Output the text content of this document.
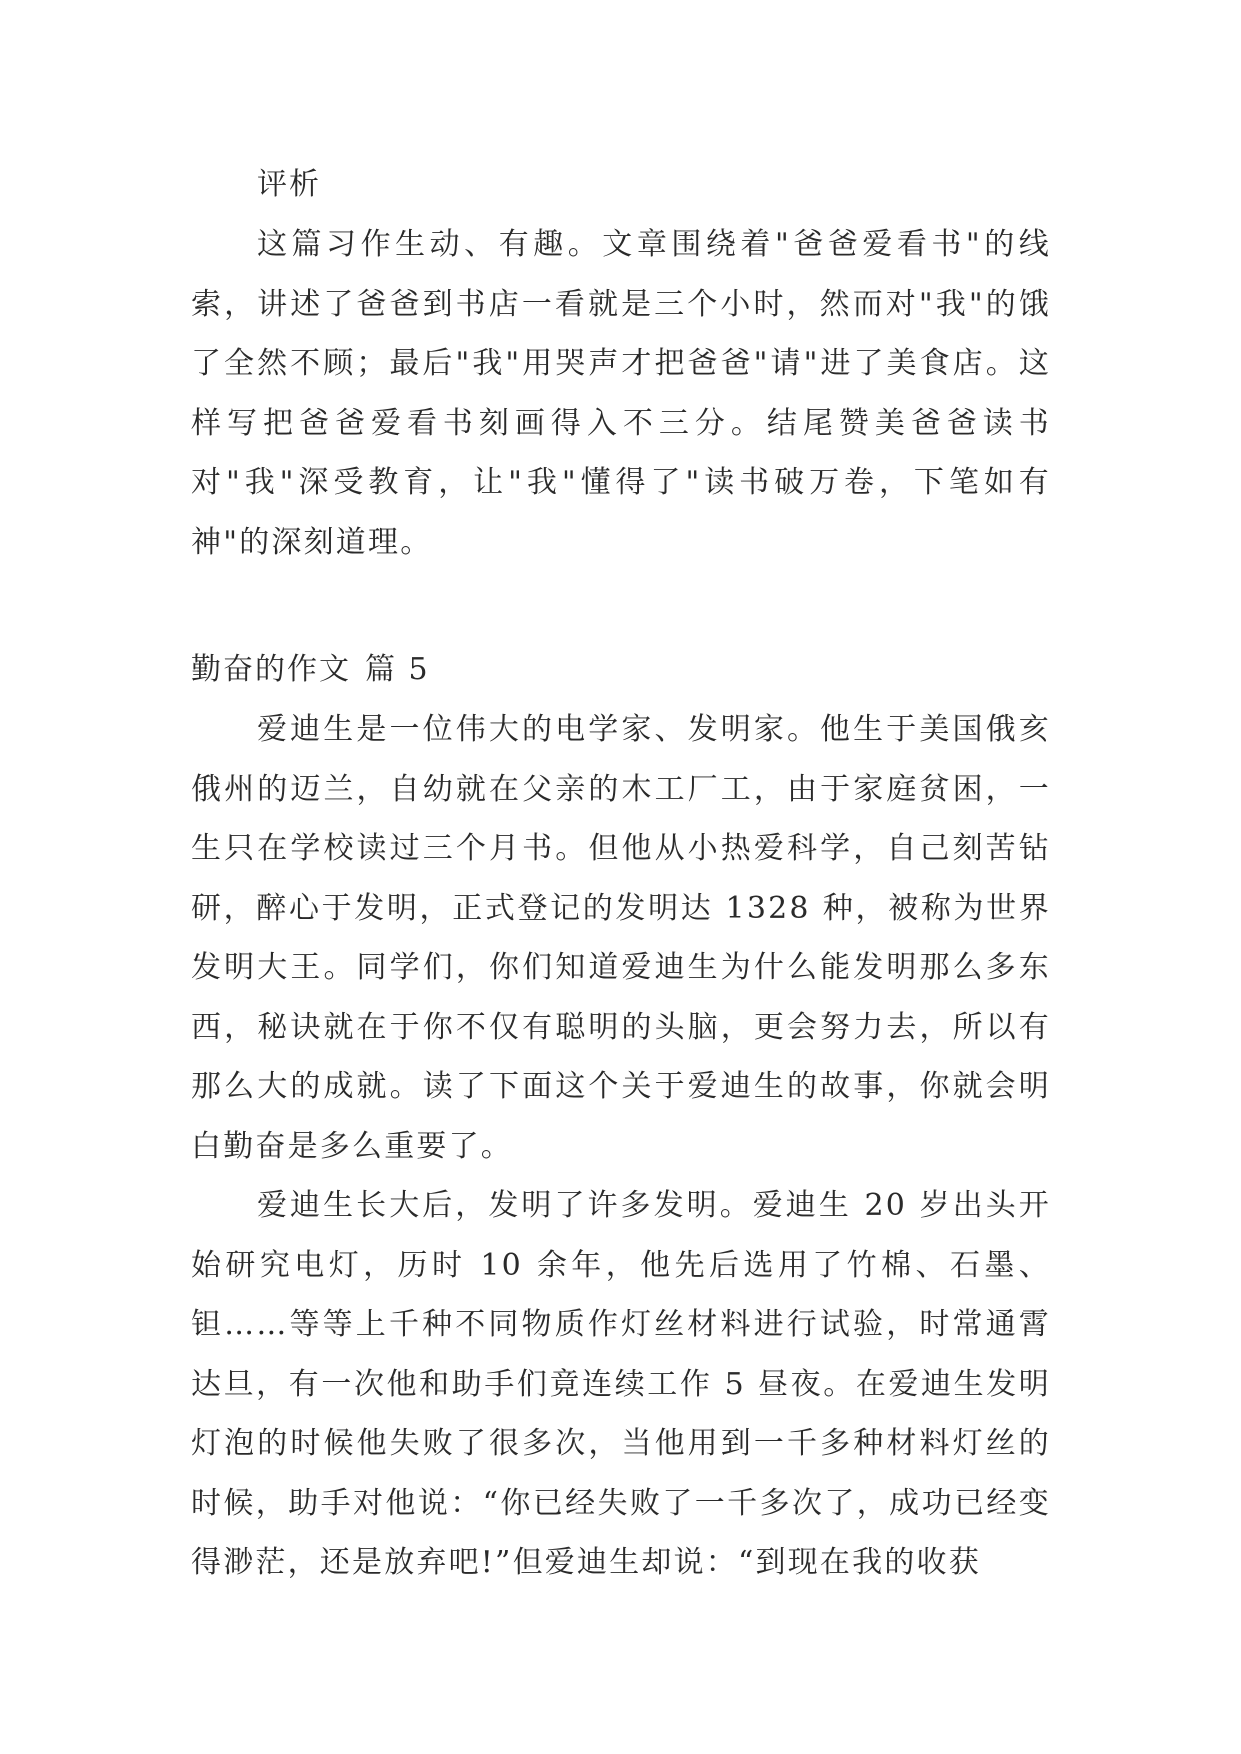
评析

这篇习作生动、有趣。文章围绕着"爸爸爱看书"的线索，讲述了爸爸到书店一看就是三个小时，然而对"我"的饿了全然不顾；最后"我"用哭声才把爸爸"请"进了美食店。这样写把爸爸爱看书刻画得入不三分。结尾赞美爸爸读书对"我"深受教育，让"我"懂得了"读书破万卷，下笔如有神"的深刻道理。

勤奋的作文 篇 5

爱迪生是一位伟大的电学家、发明家。他生于美国俄亥俄州的迈兰，自幼就在父亲的木工厂工，由于家庭贫困，一生只在学校读过三个月书。但他从小热爱科学，自己刻苦钻研，醉心于发明，正式登记的发明达 1328 种，被称为世界发明大王。同学们，你们知道爱迪生为什么能发明那么多东西，秘诀就在于你不仅有聪明的头脑，更会努力去，所以有那么大的成就。读了下面这个关于爱迪生的故事，你就会明白勤奋是多么重要了。

爱迪生长大后，发明了许多发明。爱迪生 20 岁出头开始研究电灯，历时 10 余年，他先后选用了竹棉、石墨、钽……等等上千种不同物质作灯丝材料进行试验，时常通霄达旦，有一次他和助手们竟连续工作 5 昼夜。在爱迪生发明灯泡的时候他失败了很多次，当他用到一千多种材料灯丝的时候，助手对他说：“你已经失败了一千多次了，成功已经变得渺茫，还是放弃吧!”但爱迪生却说：“到现在我的收获
